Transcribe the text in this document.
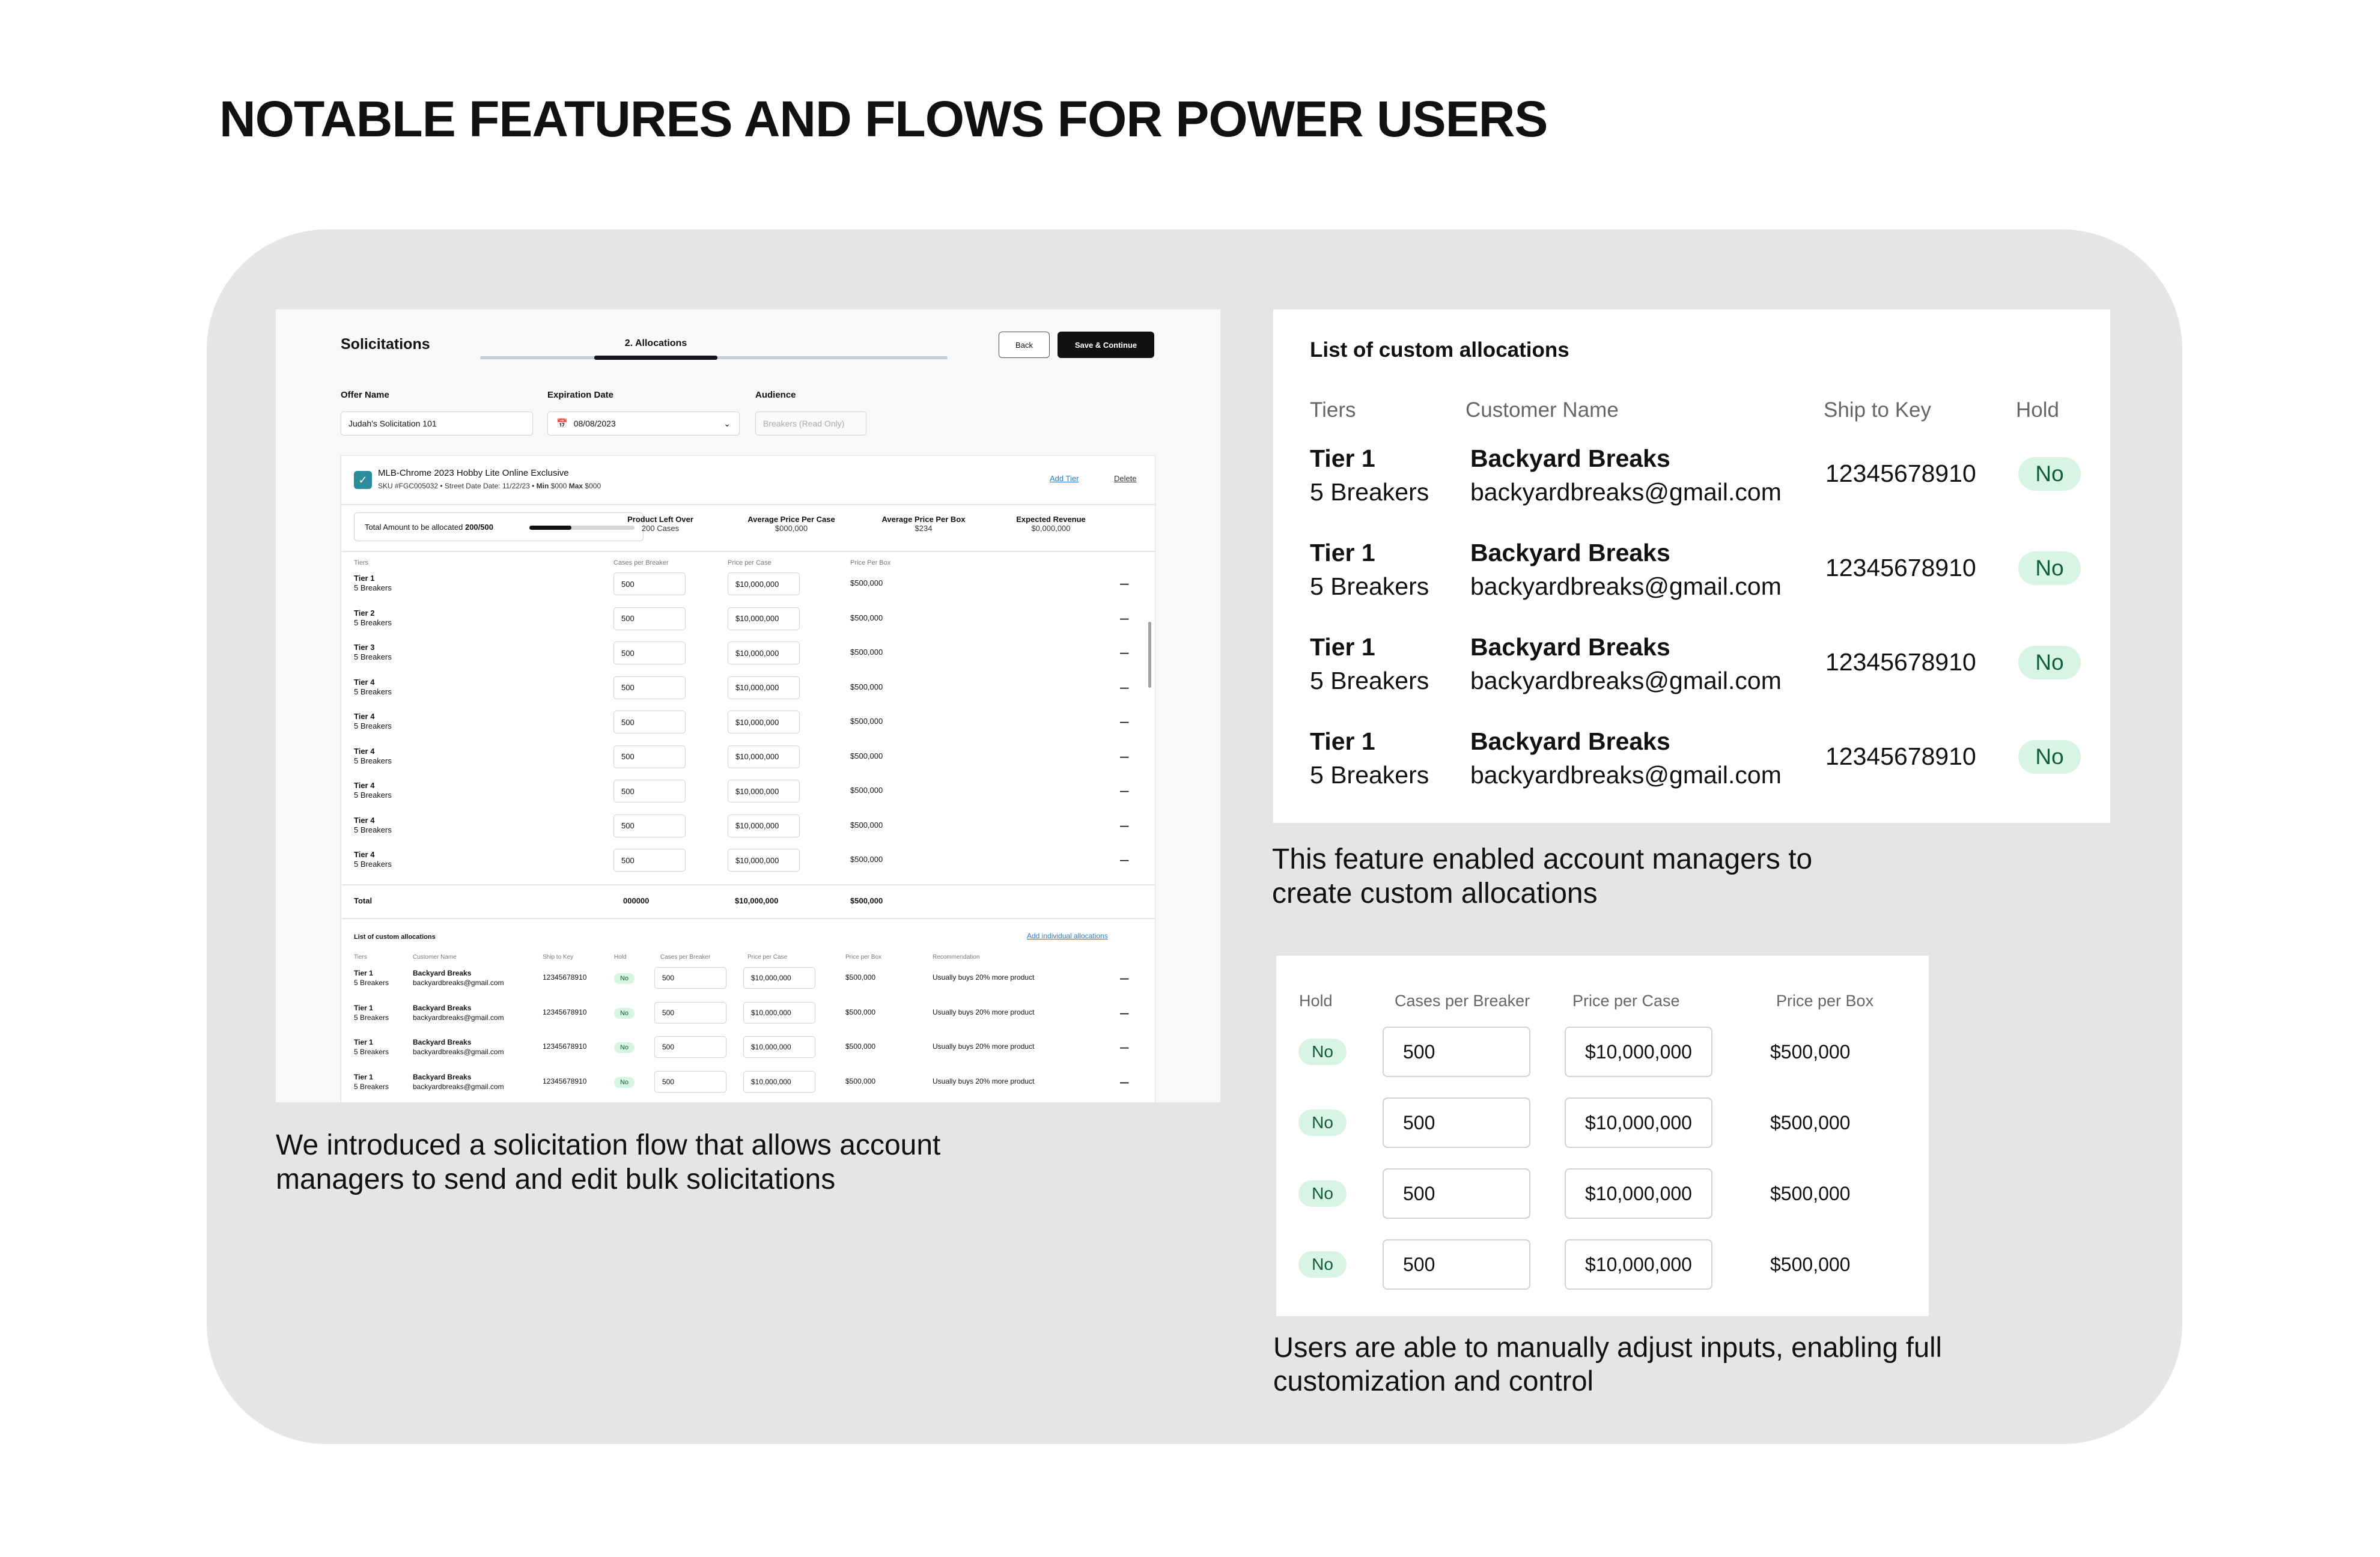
NOTABLE FEATURES AND FLOWS FOR POWER USERS
Solicitations	2. Allocations	Back	Save & Continue
Offer Name
Judah's Solicitation 101
Expiration Date
📅 08/08/2023	⌄
Audience
Breakers (Read Only)
✓
MLB-Chrome 2023 Hobby Lite Online Exclusive
SKU #FGC005032 • Street Date Date: 11/22/23 • Min $000 Max $000
Add Tier	Delete
Total Amount to be allocated 200/500
Product Left Over
200 Cases
Average Price Per Case
$000,000
Average Price Per Box
$234
Expected Revenue
$0,000,000
Tiers	Cases per Breaker	Price per Case	Price Per Box
Tier 1
5 Breakers	500	$10,000,000	$500,000	–
Tier 2
5 Breakers	500	$10,000,000	$500,000	–
Tier 3
5 Breakers	500	$10,000,000	$500,000	–
Tier 4
5 Breakers	500	$10,000,000	$500,000	–
Tier 4
5 Breakers	500	$10,000,000	$500,000	–
Tier 4
5 Breakers	500	$10,000,000	$500,000	–
Tier 4
5 Breakers	500	$10,000,000	$500,000	–
Tier 4
5 Breakers	500	$10,000,000	$500,000	–
Tier 4
5 Breakers	500	$10,000,000	$500,000	–
Total	000000	$10,000,000	$500,000
List of custom allocations	Add individual allocations
Tiers	Customer Name	Ship to Key	Hold	Cases per Breaker	Price per Case	Price per Box	Recommendation
Tier 1
5 Breakers
Backyard Breaks
backyardbreaks@gmail.com
12345678910	No	500	$10,000,000	$500,000	Usually buys 20% more product	–
Tier 1
5 Breakers
Backyard Breaks
backyardbreaks@gmail.com
12345678910	No	500	$10,000,000	$500,000	Usually buys 20% more product	–
Tier 1
5 Breakers
Backyard Breaks
backyardbreaks@gmail.com
12345678910	No	500	$10,000,000	$500,000	Usually buys 20% more product	–
Tier 1
5 Breakers
Backyard Breaks
backyardbreaks@gmail.com
12345678910	No	500	$10,000,000	$500,000	Usually buys 20% more product	–
We introduced a solicitation flow that allows account managers to send and edit bulk solicitations
List of custom allocations
Tiers	Customer Name	Ship to Key	Hold
Tier 1
5 Breakers
Backyard Breaks
backyardbreaks@gmail.com
12345678910	No
Tier 1
5 Breakers
Backyard Breaks
backyardbreaks@gmail.com
12345678910	No
Tier 1
5 Breakers
Backyard Breaks
backyardbreaks@gmail.com
12345678910	No
Tier 1
5 Breakers
Backyard Breaks
backyardbreaks@gmail.com
12345678910	No
This feature enabled account managers to create custom allocations
Hold	Cases per Breaker	Price per Case	Price per Box
No	500	$10,000,000	$500,000
No	500	$10,000,000	$500,000
No	500	$10,000,000	$500,000
No	500	$10,000,000	$500,000
Users are able to manually adjust inputs, enabling full customization and control
